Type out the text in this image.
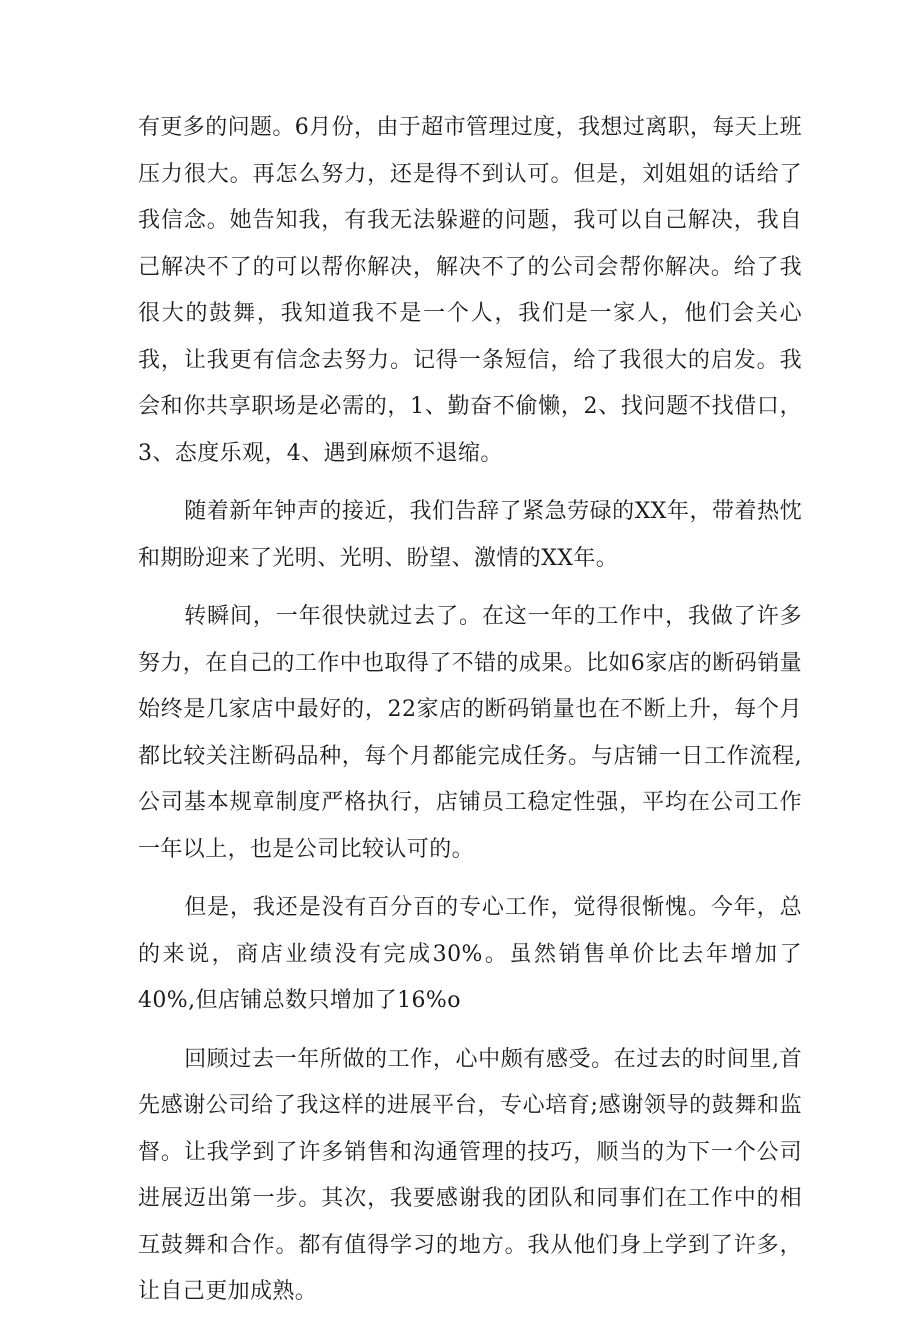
有更多的问题。6月份，由于超市管理过度，我想过离职，每天上班压力很大。再怎么努力，还是得不到认可。但是，刘姐姐的话给了我信念。她告知我，有我无法躲避的问题，我可以自己解决，我自己解决不了的可以帮你解决，解决不了的公司会帮你解决。给了我很大的鼓舞，我知道我不是一个人，我们是一家人，他们会关心我，让我更有信念去努力。记得一条短信，给了我很大的启发。我会和你共享职场是必需的，1、勤奋不偷懒，2、找问题不找借口，3、态度乐观，4、遇到麻烦不退缩。

随着新年钟声的接近，我们告辞了紧急劳碌的XX年，带着热忱和期盼迎来了光明、光明、盼望、激情的XX年。

转瞬间，一年很快就过去了。在这一年的工作中，我做了许多努力，在自己的工作中也取得了不错的成果。比如6家店的断码销量始终是几家店中最好的，22家店的断码销量也在不断上升，每个月都比较关注断码品种，每个月都能完成任务。与店铺一日工作流程,公司基本规章制度严格执行，店铺员工稳定性强，平均在公司工作一年以上，也是公司比较认可的。

但是，我还是没有百分百的专心工作，觉得很惭愧。今年，总的来说，商店业绩没有完成30%。虽然销售单价比去年增加了40%,但店铺总数只增加了16%o

回顾过去一年所做的工作，心中颇有感受。在过去的时间里,首先感谢公司给了我这样的进展平台，专心培育;感谢领导的鼓舞和监督。让我学到了许多销售和沟通管理的技巧，顺当的为下一个公司进展迈出第一步。其次，我要感谢我的团队和同事们在工作中的相互鼓舞和合作。都有值得学习的地方。我从他们身上学到了许多，让自己更加成熟。
